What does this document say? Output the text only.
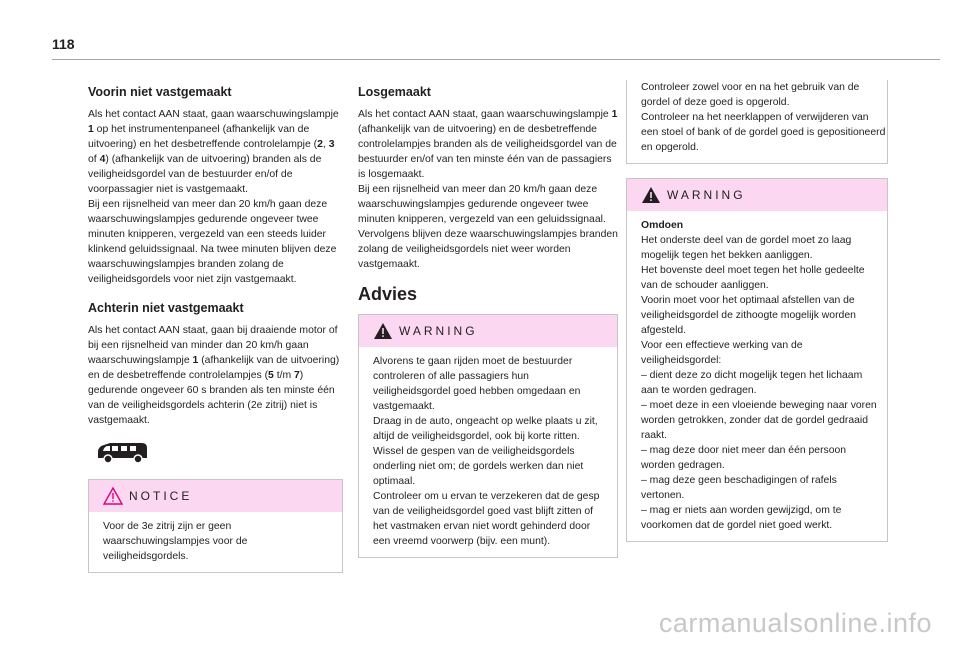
118
Voorin niet vastgemaakt

Als het contact AAN staat, gaan waarschuwingslampje 1 op het instrumentenpaneel (afhankelijk van de uitvoering) en het desbetreffende controlelampje (2, 3 of 4) (afhankelijk van de uitvoering) branden als de veiligheidsgordel van de bestuurder en/of de voorpassagier niet is vastgemaakt.
Bij een rijsnelheid van meer dan 20 km/h gaan deze waarschuwingslampjes gedurende ongeveer twee minuten knipperen, vergezeld van een steeds luider klinkend geluidssignaal. Na twee minuten blijven deze waarschuwingslampjes branden zolang de veiligheidsgordels voor niet zijn vastgemaakt.

Achterin niet vastgemaakt

Als het contact AAN staat, gaan bij draaiende motor of bij een rijsnelheid van minder dan 20 km/h gaan waarschuwingslampje 1 (afhankelijk van de uitvoering) en de desbetreffende controlelampjes (5 t/m 7) gedurende ongeveer 60 s branden als ten minste één van de veiligheidsgordels achterin (2e zitrij) niet is vastgemaakt.

NOTICE

Voor de 3e zitrij zijn er geen waarschuwingslampjes voor de veiligheidsgordels.

Losgemaakt

Als het contact AAN staat, gaan waarschuwingslampje 1 (afhankelijk van de uitvoering) en de desbetreffende controlelampjes branden als de veiligheidsgordel van de bestuurder en/of van ten minste één van de passagiers is losgemaakt.
Bij een rijsnelheid van meer dan 20 km/h gaan deze waarschuwingslampjes gedurende ongeveer twee minuten knipperen, vergezeld van een geluidssignaal. Vervolgens blijven deze waarschuwingslampjes branden zolang de veiligheidsgordels niet weer worden vastgemaakt.

Advies
WARNING

Alvorens te gaan rijden moet de bestuurder controleren of alle passagiers hun veiligheidsgordel goed hebben omgedaan en vastgemaakt.
Draag in de auto, ongeacht op welke plaats u zit, altijd de veiligheidsgordel, ook bij korte ritten.
Wissel de gespen van de veiligheidsgordels onderling niet om; de gordels werken dan niet optimaal.
Controleer om u ervan te verzekeren dat de gesp van de veiligheidsgordel goed vast blijft zitten of het vastmaken ervan niet wordt gehinderd door een vreemd voorwerp (bijv. een munt).

Controleer zowel voor en na het gebruik van de gordel of deze goed is opgerold.
Controleer na het neerklappen of verwijderen van een stoel of bank of de gordel goed is gepositioneerd en opgerold.

WARNING

Omdoen

Het onderste deel van de gordel moet zo laag mogelijk tegen het bekken aanliggen.
Het bovenste deel moet tegen het holle gedeelte van de schouder aanliggen.
Voorin moet voor het optimaal afstellen van de veiligheidsgordel de zithoogte mogelijk worden afgesteld.
Voor een effectieve werking van de veiligheidsgordel:
– dient deze zo dicht mogelijk tegen het lichaam aan te worden gedragen.
– moet deze in een vloeiende beweging naar voren worden getrokken, zonder dat de gordel gedraaid raakt.
– mag deze door niet meer dan één persoon worden gedragen.
– mag deze geen beschadigingen of rafels vertonen.
– mag er niets aan worden gewijzigd, om te voorkomen dat de gordel niet goed werkt.

carmanualsonline.info
